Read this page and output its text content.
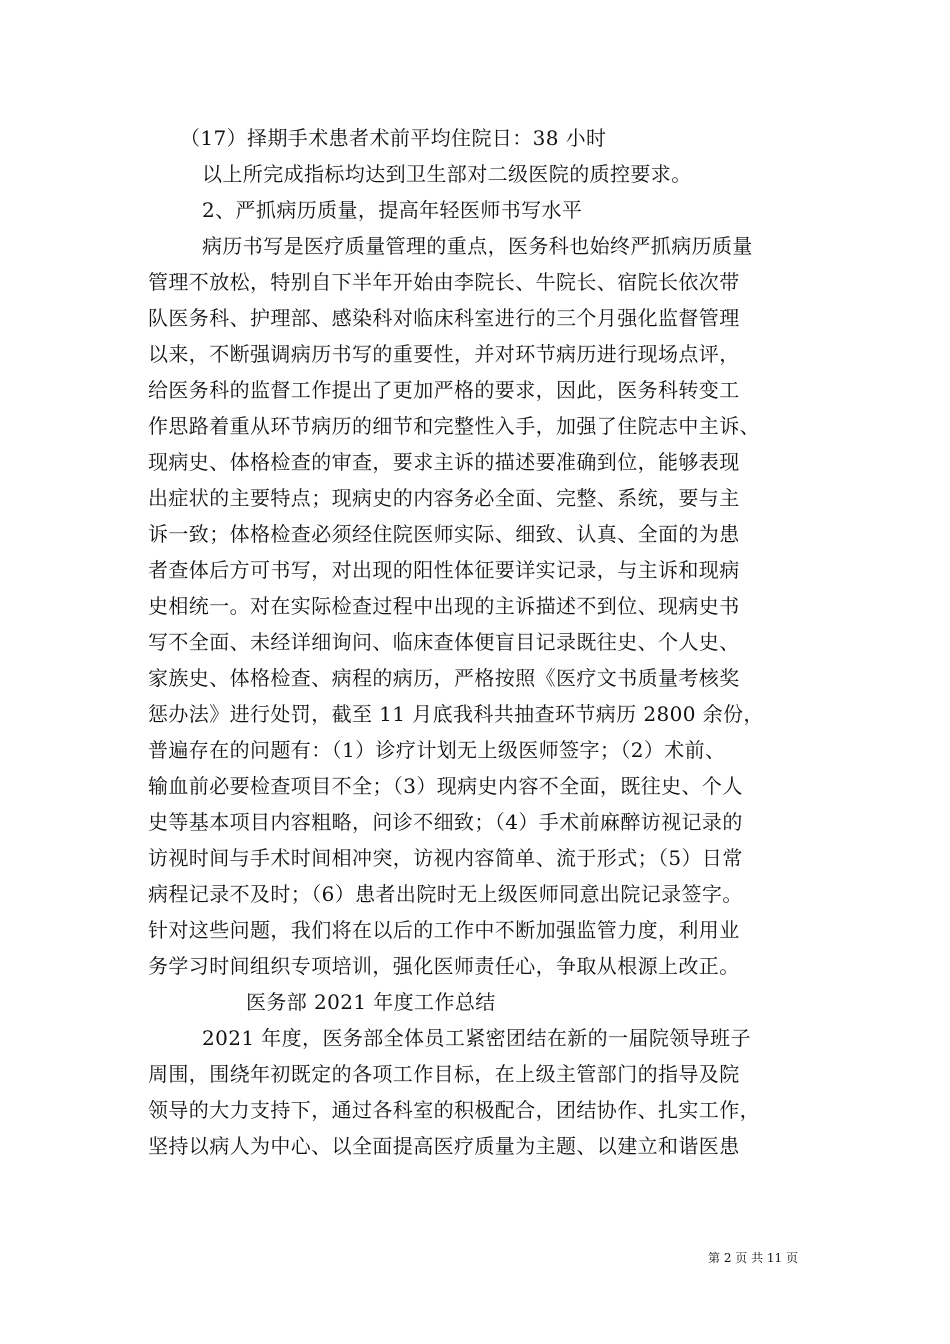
（17）择期手术患者术前平均住院日：38 小时
以上所完成指标均达到卫生部对二级医院的质控要求。
2、严抓病历质量，提高年轻医师书写水平
病历书写是医疗质量管理的重点，医务科也始终严抓病历质量
管理不放松，特别自下半年开始由李院长、牛院长、宿院长依次带
队医务科、护理部、感染科对临床科室进行的三个月强化监督管理
以来，不断强调病历书写的重要性，并对环节病历进行现场点评，
给医务科的监督工作提出了更加严格的要求，因此，医务科转变工
作思路着重从环节病历的细节和完整性入手，加强了住院志中主诉、
现病史、体格检查的审查，要求主诉的描述要准确到位，能够表现
出症状的主要特点；现病史的内容务必全面、完整、系统，要与主
诉一致；体格检查必须经住院医师实际、细致、认真、全面的为患
者查体后方可书写，对出现的阳性体征要详实记录，与主诉和现病
史相统一。对在实际检查过程中出现的主诉描述不到位、现病史书
写不全面、未经详细询问、临床查体便盲目记录既往史、个人史、
家族史、体格检查、病程的病历，严格按照《医疗文书质量考核奖
惩办法》进行处罚，截至 11 月底我科共抽查环节病历 2800 余份，
普遍存在的问题有：（1）诊疗计划无上级医师签字；（2）术前、
输血前必要检查项目不全；（3）现病史内容不全面，既往史、个人
史等基本项目内容粗略，问诊不细致；（4）手术前麻醉访视记录的
访视时间与手术时间相冲突，访视内容简单、流于形式；（5）日常
病程记录不及时；（6）患者出院时无上级医师同意出院记录签字。
针对这些问题，我们将在以后的工作中不断加强监管力度，利用业
务学习时间组织专项培训，强化医师责任心，争取从根源上改正。
医务部 2021 年度工作总结
2021 年度，医务部全体员工紧密团结在新的一届院领导班子
周围，围绕年初既定的各项工作目标，在上级主管部门的指导及院
领导的大力支持下，通过各科室的积极配合，团结协作、扎实工作，
坚持以病人为中心、以全面提高医疗质量为主题、以建立和谐医患
第 2 页 共 11 页
